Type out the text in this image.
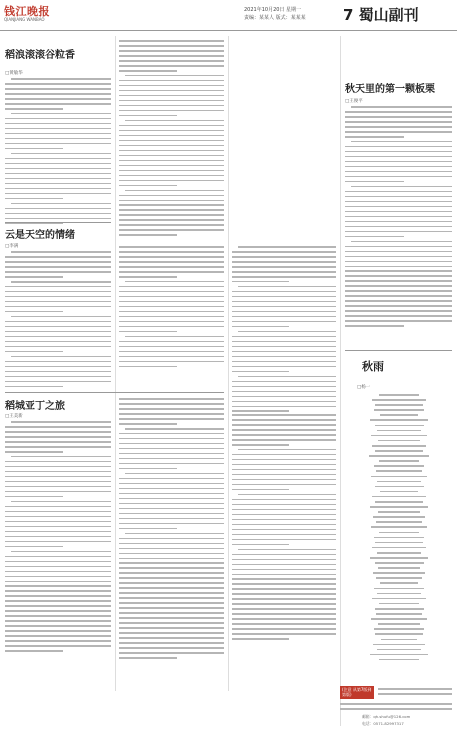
钱江晚报
QIANJIANG WANBAO
2021年10月20日 星期一
责编：某某人 版式：某某某 7 蜀山副刊
稻浪滚滚谷粒香
□黄敏华
云是天空的情绪
□李满
稻城亚丁之旅
□王美新
秋天里的第一颗板栗
□王俊平
秋雨
□杨一
(注意 从第7版到第版)
邮箱：qh.shufu@126.com
电话：0571-82997317
